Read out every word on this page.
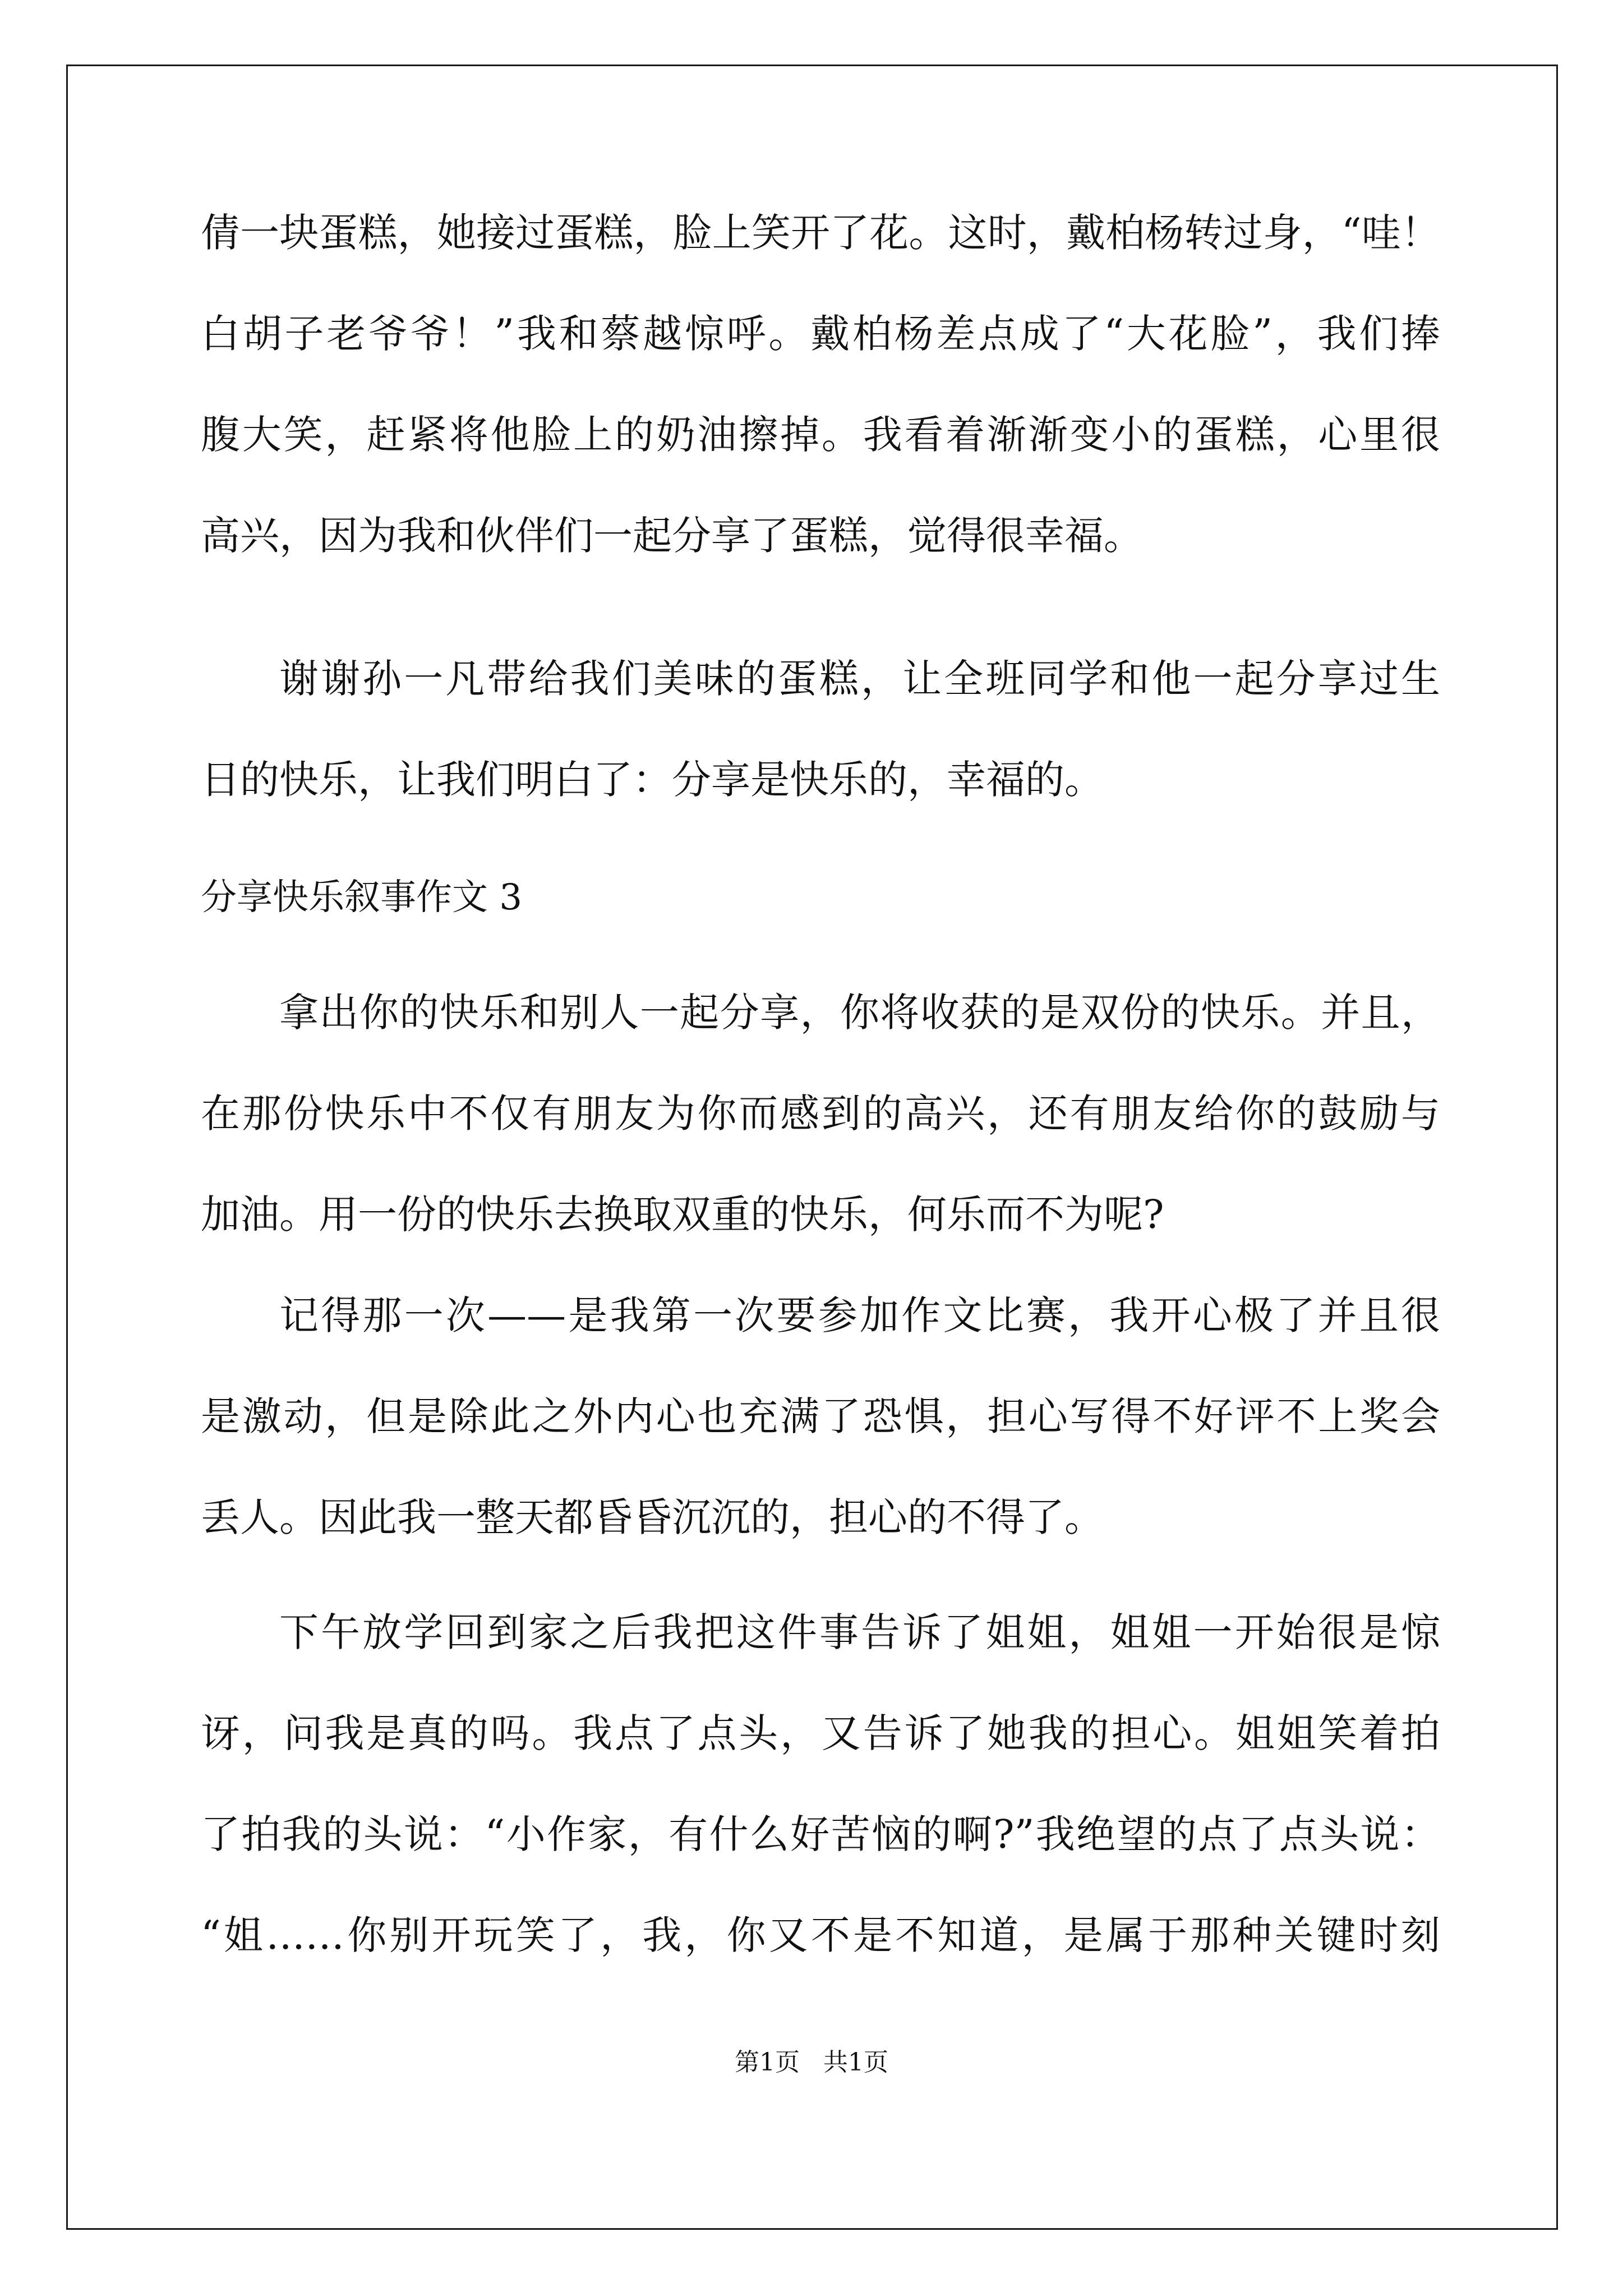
倩一块蛋糕，她接过蛋糕，脸上笑开了花。这时，戴柏杨转过身，“哇！
白胡子老爷爷！”我和蔡越惊呼。戴柏杨差点成了“大花脸”，我们捧
腹大笑，赶紧将他脸上的奶油擦掉。我看着渐渐变小的蛋糕，心里很
高兴，因为我和伙伴们一起分享了蛋糕，觉得很幸福。
谢谢孙一凡带给我们美味的蛋糕，让全班同学和他一起分享过生
日的快乐，让我们明白了：分享是快乐的，幸福的。
分享快乐叙事作文 3
拿出你的快乐和别人一起分享，你将收获的是双份的快乐。并且，
在那份快乐中不仅有朋友为你而感到的高兴，还有朋友给你的鼓励与
加油。用一份的快乐去换取双重的快乐，何乐而不为呢?
记得那一次——是我第一次要参加作文比赛，我开心极了并且很
是激动，但是除此之外内心也充满了恐惧，担心写得不好评不上奖会
丢人。因此我一整天都昏昏沉沉的，担心的不得了。
下午放学回到家之后我把这件事告诉了姐姐，姐姐一开始很是惊
讶，问我是真的吗。我点了点头，又告诉了她我的担心。姐姐笑着拍
了拍我的头说：“小作家，有什么好苦恼的啊?”我绝望的点了点头说：
“姐……你别开玩笑了，我，你又不是不知道，是属于那种关键时刻
第1页   共1页
